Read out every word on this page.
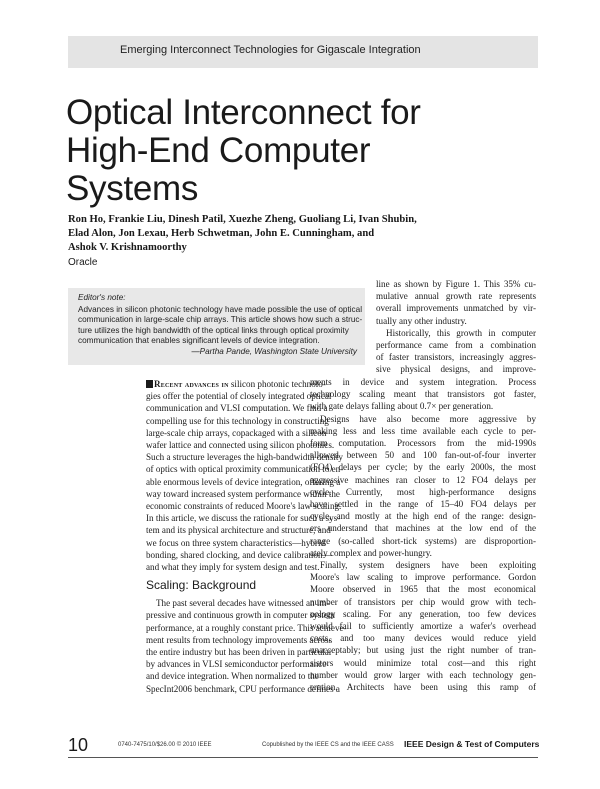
Emerging Interconnect Technologies for Gigascale Integration
Optical Interconnect for
High-End Computer
Systems
Ron Ho, Frankie Liu, Dinesh Patil, Xuezhe Zheng, Guoliang Li, Ivan Shubin,
Elad Alon, Jon Lexau, Herb Schwetman, John E. Cunningham, and
Ashok V. Krishnamoorthy
Oracle
Editor's note:
Advances in silicon photonic technology have made possible the use of optical
communication in large-scale chip arrays. This article shows how such a struc-
ture utilizes the high bandwidth of the optical links through optical proximity
communication that enables significant levels of device integration.
—Partha Pande, Washington State University
Recent advances in silicon photonic technolo-
gies offer the potential of closely integrated optical
communication and VLSI computation. We find a
compelling use for this technology in constructing
large-scale chip arrays, copackaged with a silicon
wafer lattice and connected using silicon photonics.
Such a structure leverages the high-bandwidth density
of optics with optical proximity communication to en-
able enormous levels of device integration, offering a
way toward increased system performance within the
economic constraints of reduced Moore's law scaling.
In this article, we discuss the rationale for such a sys-
tem and its physical architecture and structure, and
we focus on three system characteristics—hybrid
bonding, shared clocking, and device calibration—
and what they imply for system design and test.
Scaling: Background
The past several decades have witnessed an im-
pressive and continuous growth in computer system
performance, at a roughly constant price. This achieve-
ment results from technology improvements across
the entire industry but has been driven in particular
by advances in VLSI semiconductor performance
and device integration. When normalized to the
SpecInt2006 benchmark, CPU performance defines a
line as shown by Figure 1. This 35% cu-
mulative annual growth rate represents
overall improvements unmatched by vir-
tually any other industry.
Historically, this growth in computer
performance came from a combination
of faster transistors, increasingly aggres-
sive physical designs, and improve-
ments in device and system integration. Process
technology scaling meant that transistors got faster,
with gate delays falling about 0.7× per generation.
Designs have also become more aggressive by
making less and less time available each cycle to per-
form computation. Processors from the mid-1990s
allowed between 50 and 100 fan-out-of-four inverter
(FO4) delays per cycle; by the early 2000s, the most
aggressive machines ran closer to 12 FO4 delays per
cycle. Currently, most high-performance designs
have settled in the range of 15–40 FO4 delays per
cycle, and mostly at the high end of the range: design-
ers understand that machines at the low end of the
range (so-called short-tick systems) are disproportion-
ately complex and power-hungry.
Finally, system designers have been exploiting
Moore's law scaling to improve performance. Gordon
Moore observed in 1965 that the most economical
number of transistors per chip would grow with tech-
nology scaling. For any generation, too few devices
would fail to sufficiently amortize a wafer's overhead
costs, and too many devices would reduce yield
unacceptably; but using just the right number of tran-
sistors would minimize total cost—and this right
number would grow larger with each technology gen-
eration. Architects have been using this ramp of
10	0740-7475/10/$26.00 © 2010 IEEE	Copublished by the IEEE CS and the IEEE CASS IEEE Design & Test of Computers
